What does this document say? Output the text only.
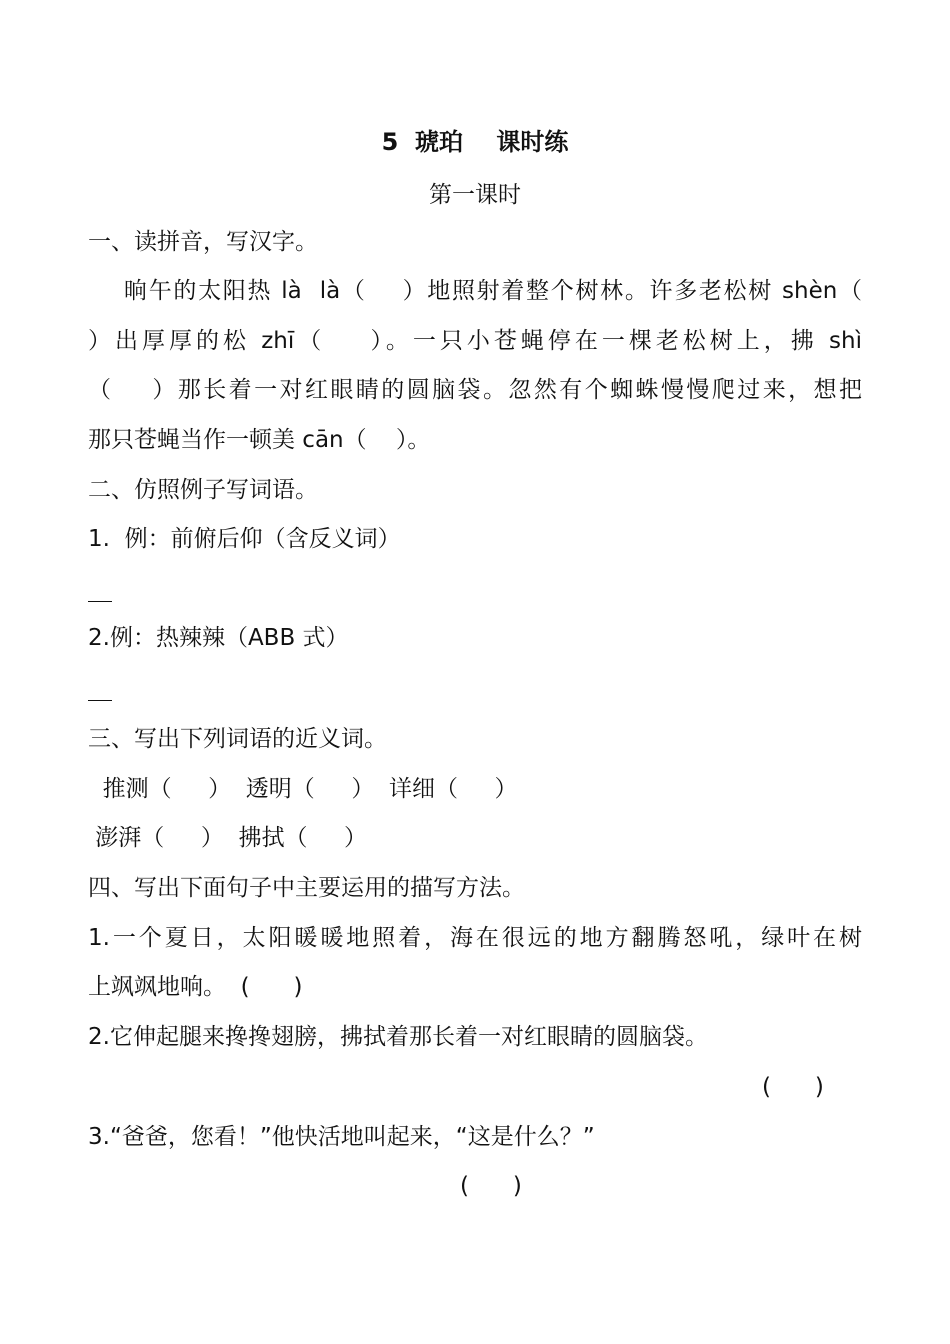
5  琥珀    课时练
第一课时
一、读拼音，写汉字。
晌午的太阳热 là  là（    ）地照射着整个树林。许多老松树 shèn（
）出厚厚的松 zhī（    ）。一只小苍蝇停在一棵老松树上，拂 shì
（    ）那长着一对红眼睛的圆脑袋。忽然有个蜘蛛慢慢爬过来，想把
那只苍蝇当作一顿美 cān（    ）。
二、仿照例子写词语。
1.  例：前俯后仰（含反义词）
2.例：热辣辣（ABB 式）
三、写出下列词语的近义词。
推测（     ）  透明（     ）  详细（     ）
澎湃（     ）  拂拭（     ）
四、写出下面句子中主要运用的描写方法。
1.一个夏日，太阳暖暖地照着，海在很远的地方翻腾怒吼，绿叶在树
上飒飒地响。  (      )
2.它伸起腿来搀搀翅膀，拂拭着那长着一对红眼睛的圆脑袋。
(      )
3.“爸爸，您看！”他快活地叫起来，“这是什么？”
(      )
